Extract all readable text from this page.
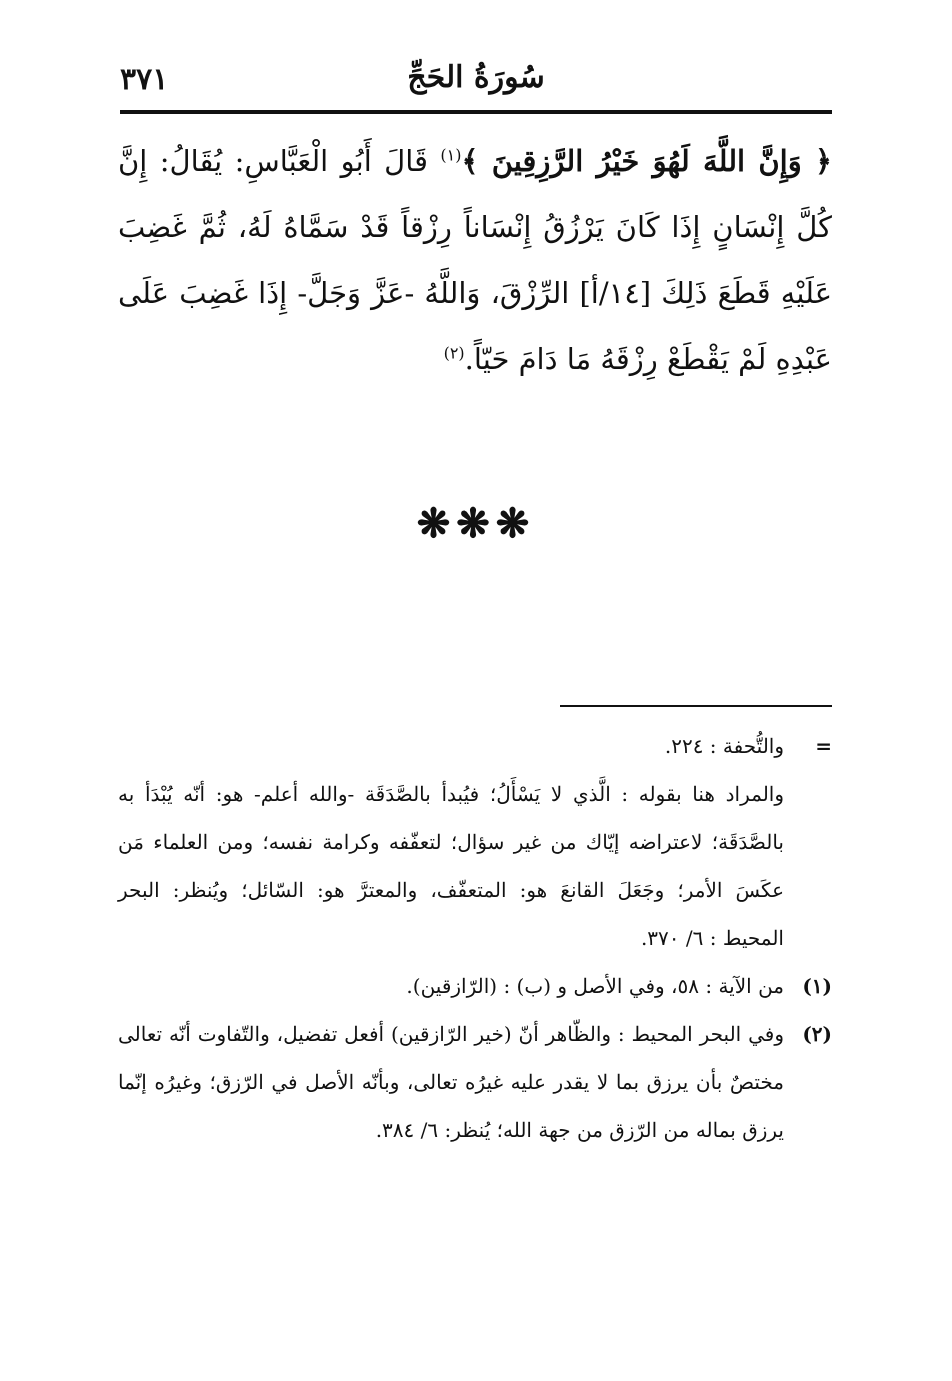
٣٧١	سُورَةُ الحَجِّ
﴿ وَإِنَّ اللَّهَ لَهُوَ خَيْرُ الرَّزِقِينَ ﴾$^{(١)}$ قَالَ أَبُو الْعَبَّاسِ: يُقَالُ: إِنَّ كُلَّ إِنْسَانٍ إِذَا كَانَ يَرْزُقُ إِنْسَاناً رِزْقاً قَدْ سَمَّاهُ لَهُ، ثُمَّ غَضِبَ عَلَيْهِ قَطَعَ ذَلِكَ [١٤/أ] الرِّزْقَ، وَاللَّهُ -عَزَّ وَجَلَّ- إِذَا غَضِبَ عَلَى عَبْدِهِ لَمْ يَقْطَعْ رِزْقَهُ مَا دَامَ حَيّاً.$^{(٢)}$
❋❋❋
=
والتُّحفة : ٢٢٤.
والمراد هنا بقوله : الَّذي لا يَسْأَلُ؛ فيُبدأ بالصَّدَقَة -والله أعلم- هو: أنّه يُبْدَأ به بالصَّدَقَة؛ لاعتراضه إيّاك من غير سؤال؛ لتعفّفه وكرامة نفسه؛ ومن العلماء مَن عكَسَ الأمر؛ وجَعَلَ القانعَ هو: المتعفّف، والمعترَّ هو: السّائل؛ ويُنظر: البحر المحيط : ٦/ ٣٧٠.
(١)
من الآية : ٥٨، وفي الأصل و (ب) : (الرّازقين).
(٢)
وفي البحر المحيط : والظّاهر أنّ (خير الرّازقين) أفعل تفضيل، والتّفاوت أنّه تعالى مختصٌ بأن يرزق بما لا يقدر عليه غيرُه تعالى، وبأنّه الأصل في الرّزق؛ وغيرُه إنّما يرزق بماله من الرّزق من جهة الله؛ يُنظر: ٦/ ٣٨٤.
